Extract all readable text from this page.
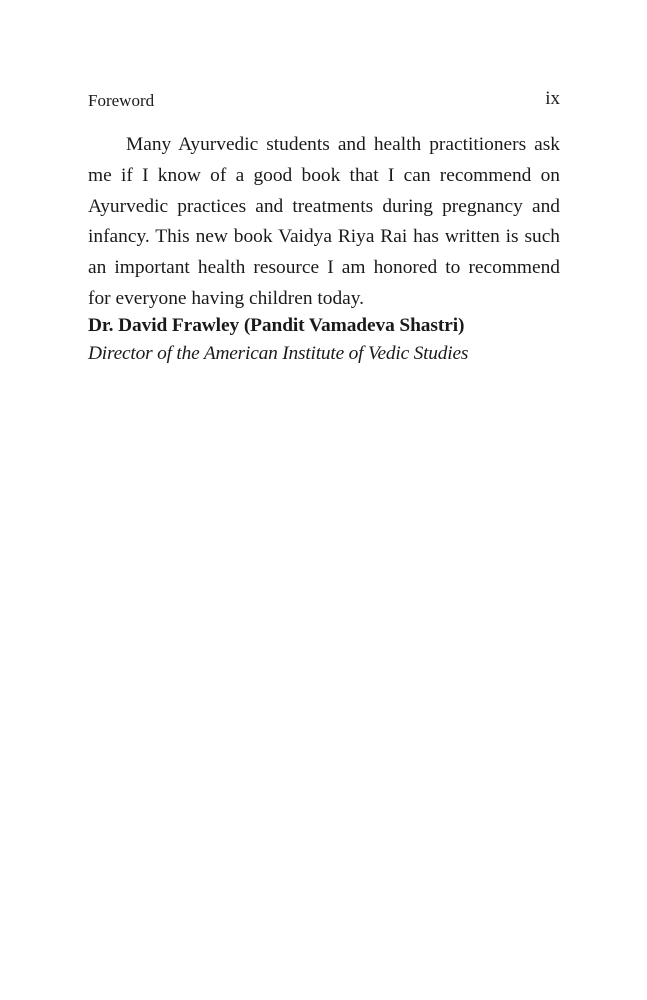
Foreword	ix

Many Ayurvedic students and health practitioners ask me if I know of a good book that I can recommend on Ayurvedic practices and treatments during pregnancy and infancy. This new book Vaidya Riya Rai has written is such an important health resource I am honored to recommend for everyone having children today.

Dr. David Frawley (Pandit Vamadeva Shastri)

Director of the American Institute of Vedic Studies
